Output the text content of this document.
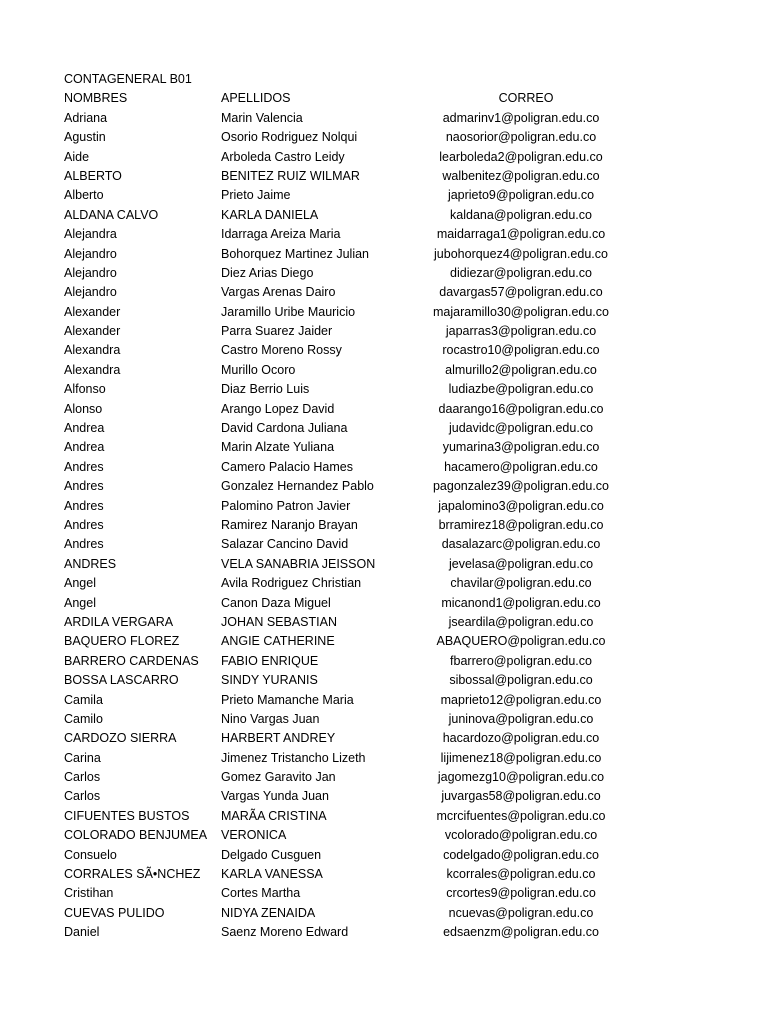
CONTAGENERAL B01
NOMBRES	APELLIDOS	CORREO
Adriana	Marin Valencia	admarinv1@poligran.edu.co
Agustin	Osorio Rodriguez Nolqui	naosorior@poligran.edu.co
Aide	Arboleda Castro Leidy	learboleda2@poligran.edu.co
ALBERTO	BENITEZ RUIZ WILMAR	walbenitez@poligran.edu.co
Alberto	Prieto Jaime	japrieto9@poligran.edu.co
ALDANA CALVO	KARLA DANIELA	kaldana@poligran.edu.co
Alejandra	Idarraga Areiza Maria	maidarraga1@poligran.edu.co
Alejandro	Bohorquez Martinez Julian	jubohorquez4@poligran.edu.co
Alejandro	Diez Arias Diego	didiezar@poligran.edu.co
Alejandro	Vargas Arenas Dairo	davargas57@poligran.edu.co
Alexander	Jaramillo Uribe Mauricio	majaramillo30@poligran.edu.co
Alexander	Parra Suarez Jaider	japarras3@poligran.edu.co
Alexandra	Castro Moreno Rossy	rocastro10@poligran.edu.co
Alexandra	Murillo Ocoro	almurillo2@poligran.edu.co
Alfonso	Diaz Berrio Luis	ludiazbe@poligran.edu.co
Alonso	Arango Lopez David	daarango16@poligran.edu.co
Andrea	David Cardona Juliana	judavidc@poligran.edu.co
Andrea	Marin Alzate Yuliana	yumarina3@poligran.edu.co
Andres	Camero Palacio Hames	hacamero@poligran.edu.co
Andres	Gonzalez Hernandez Pablo	pagonzalez39@poligran.edu.co
Andres	Palomino Patron Javier	japalomino3@poligran.edu.co
Andres	Ramirez Naranjo Brayan	brramirez18@poligran.edu.co
Andres	Salazar Cancino David	dasalazarc@poligran.edu.co
ANDRES	VELA SANABRIA JEISSON	jevelasa@poligran.edu.co
Angel	Avila Rodriguez Christian	chavilar@poligran.edu.co
Angel	Canon Daza Miguel	micanond1@poligran.edu.co
ARDILA VERGARA	JOHAN SEBASTIAN	jseardila@poligran.edu.co
BAQUERO FLOREZ	ANGIE CATHERINE	ABAQUERO@poligran.edu.co
BARRERO CARDENAS	FABIO ENRIQUE	fbarrero@poligran.edu.co
BOSSA LASCARRO	SINDY YURANIS	sibossal@poligran.edu.co
Camila	Prieto Mamanche Maria	maprieto12@poligran.edu.co
Camilo	Nino Vargas Juan	juninova@poligran.edu.co
CARDOZO SIERRA	HARBERT ANDREY	hacardozo@poligran.edu.co
Carina	Jimenez Tristancho Lizeth	lijimenez18@poligran.edu.co
Carlos	Gomez Garavito Jan	jagomezg10@poligran.edu.co
Carlos	Vargas Yunda Juan	juvargas58@poligran.edu.co
CIFUENTES BUSTOS	MARÃA CRISTINA	mcrcifuentes@poligran.edu.co
COLORADO BENJUMEA	VERONICA	vcolorado@poligran.edu.co
Consuelo	Delgado Cusguen	codelgado@poligran.edu.co
CORRALES SÃ•NCHEZ	KARLA VANESSA	kcorrales@poligran.edu.co
Cristihan	Cortes Martha	crcortes9@poligran.edu.co
CUEVAS PULIDO	NIDYA ZENAIDA	ncuevas@poligran.edu.co
Daniel	Saenz Moreno Edward	edsaenzm@poligran.edu.co
